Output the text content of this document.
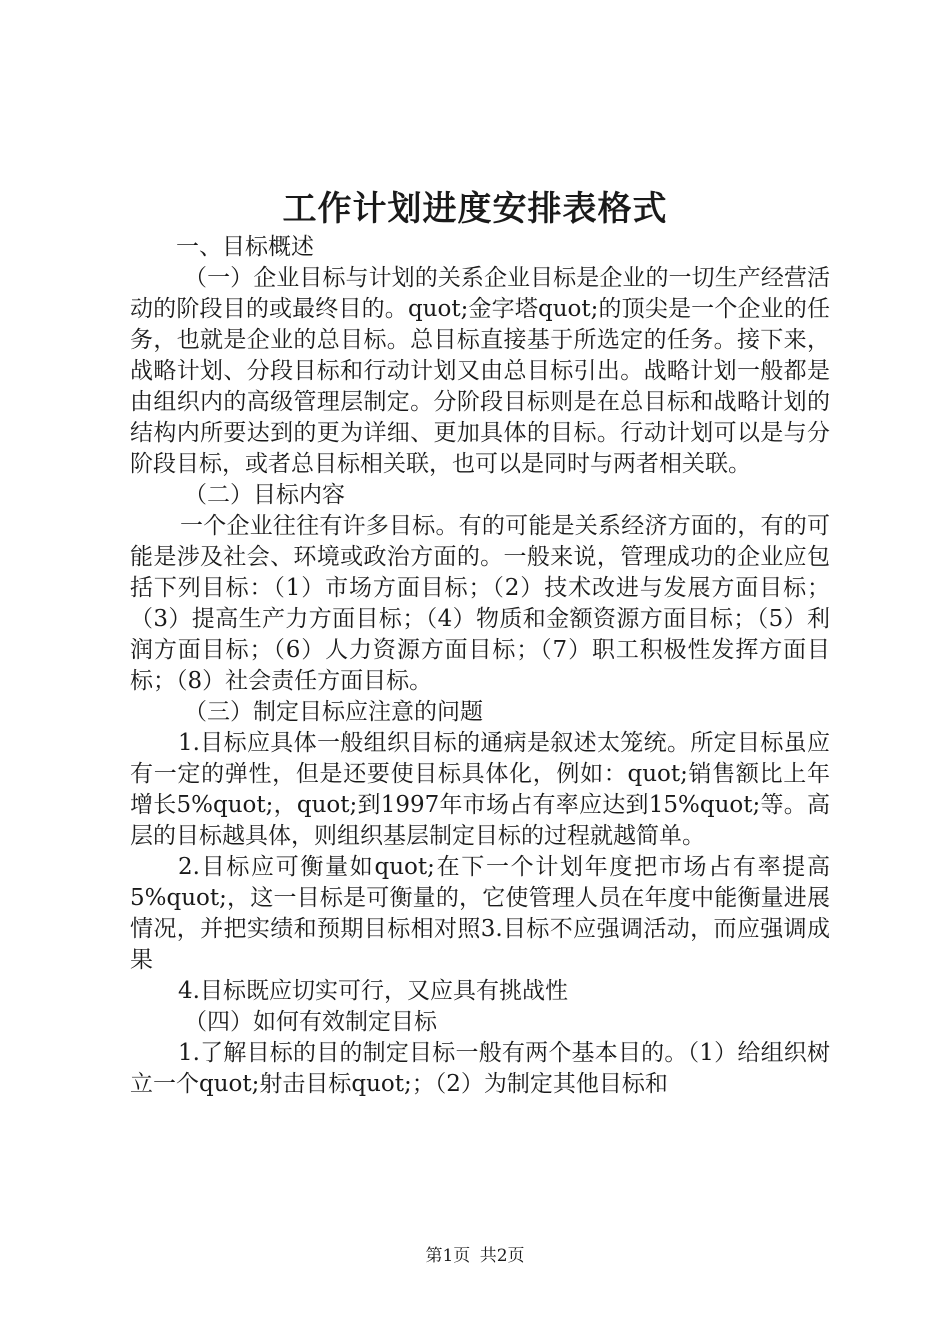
工作计划进度安排表格式

一、目标概述

（一）企业目标与计划的关系企业目标是企业的一切生产经营活动的阶段目的或最终目的。quot;金字塔quot;的顶尖是一个企业的任务，也就是企业的总目标。总目标直接基于所选定的任务。接下来，战略计划、分段目标和行动计划又由总目标引出。战略计划一般都是由组织内的高级管理层制定。分阶段目标则是在总目标和战略计划的结构内所要达到的更为详细、更加具体的目标。行动计划可以是与分阶段目标，或者总目标相关联，也可以是同时与两者相关联。

（二）目标内容

一个企业往往有许多目标。有的可能是关系经济方面的，有的可能是涉及社会、环境或政治方面的。一般来说，管理成功的企业应包括下列目标：（1）市场方面目标；（2）技术改进与发展方面目标；（3）提高生产力方面目标；（4）物质和金额资源方面目标；（5）利润方面目标；（6）人力资源方面目标；（7）职工积极性发挥方面目标；（8）社会责任方面目标。

（三）制定目标应注意的问题

1.目标应具体一般组织目标的通病是叙述太笼统。所定目标虽应有一定的弹性，但是还要使目标具体化，例如：quot;销售额比上年增长5%quot;，quot;到1997年市场占有率应达到15%quot;等。高层的目标越具体，则组织基层制定目标的过程就越简单。

2.目标应可衡量如quot;在下一个计划年度把市场占有率提高5%quot;，这一目标是可衡量的，它使管理人员在年度中能衡量进展情况，并把实绩和预期目标相对照3.目标不应强调活动，而应强调成果

4.目标既应切实可行，又应具有挑战性

（四）如何有效制定目标

1.了解目标的目的制定目标一般有两个基本目的。（1）给组织树立一个quot;射击目标quot;；（2）为制定其他目标和

第1页 共2页
